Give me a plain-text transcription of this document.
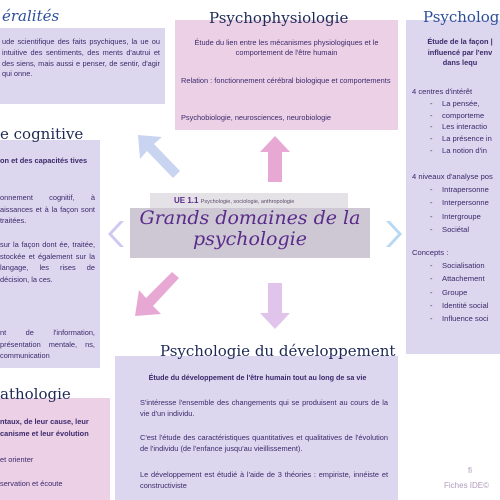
éralités
ude scientifique des faits psychiques, la ue ou intuitive des sentiments, des ments d'autrui et des siens, mais aussi e penser, de sentir, d'agir qui onne.
Psychophysiologie
Étude du lien entre les mécanismes physiologiques et le comportement de l'être humain
Relation : fonctionnement cérébral biologique et comportements
Psychobiologie, neurosciences, neurobiologie
Psycholog
Étude de la façon | influencé par l'env dans lequ

4 centres d'intérêt

- La pensée,
- comporteme
- Les interactio
- La présence in
- La notion d'in

4 niveaux d'analyse pos

- Intrapersonne
- Interpersonne
- Intergroupe
- Sociétal

Concepts :

- Socialisation
- Attachement
- Groupe
- Identité social
- Influence soci
e cognitive
on et des capacités tives
onnement cognitif, à aissances et à la façon sont traitées.
sur la façon dont ée, traitée, stockée et également sur la langage, les rises de décision, la ces.
nt de l'information, présentation mentale, ns, communication
UE 1.1 Psychologie, sociologie, anthropologie
Grands domaines de la
psychologie
Psychologie du développement
Étude du développement de l'être humain tout au long de sa vie
S'intéresse l'ensemble des changements qui se produisent au cours de la vie d'un individu.
C'est l'étude des caractéristiques quantitatives et qualitatives de l'évolution de l'individu (de l'enfance jusqu'au vieillissement).
Le développement est étudié à l'aide de 3 théories : empiriste, innéiste et constructiviste
athologie
ntaux, de leur cause, leur canisme et leur évolution
et orienter
servation et écoute
fi
Fiches IDE©
